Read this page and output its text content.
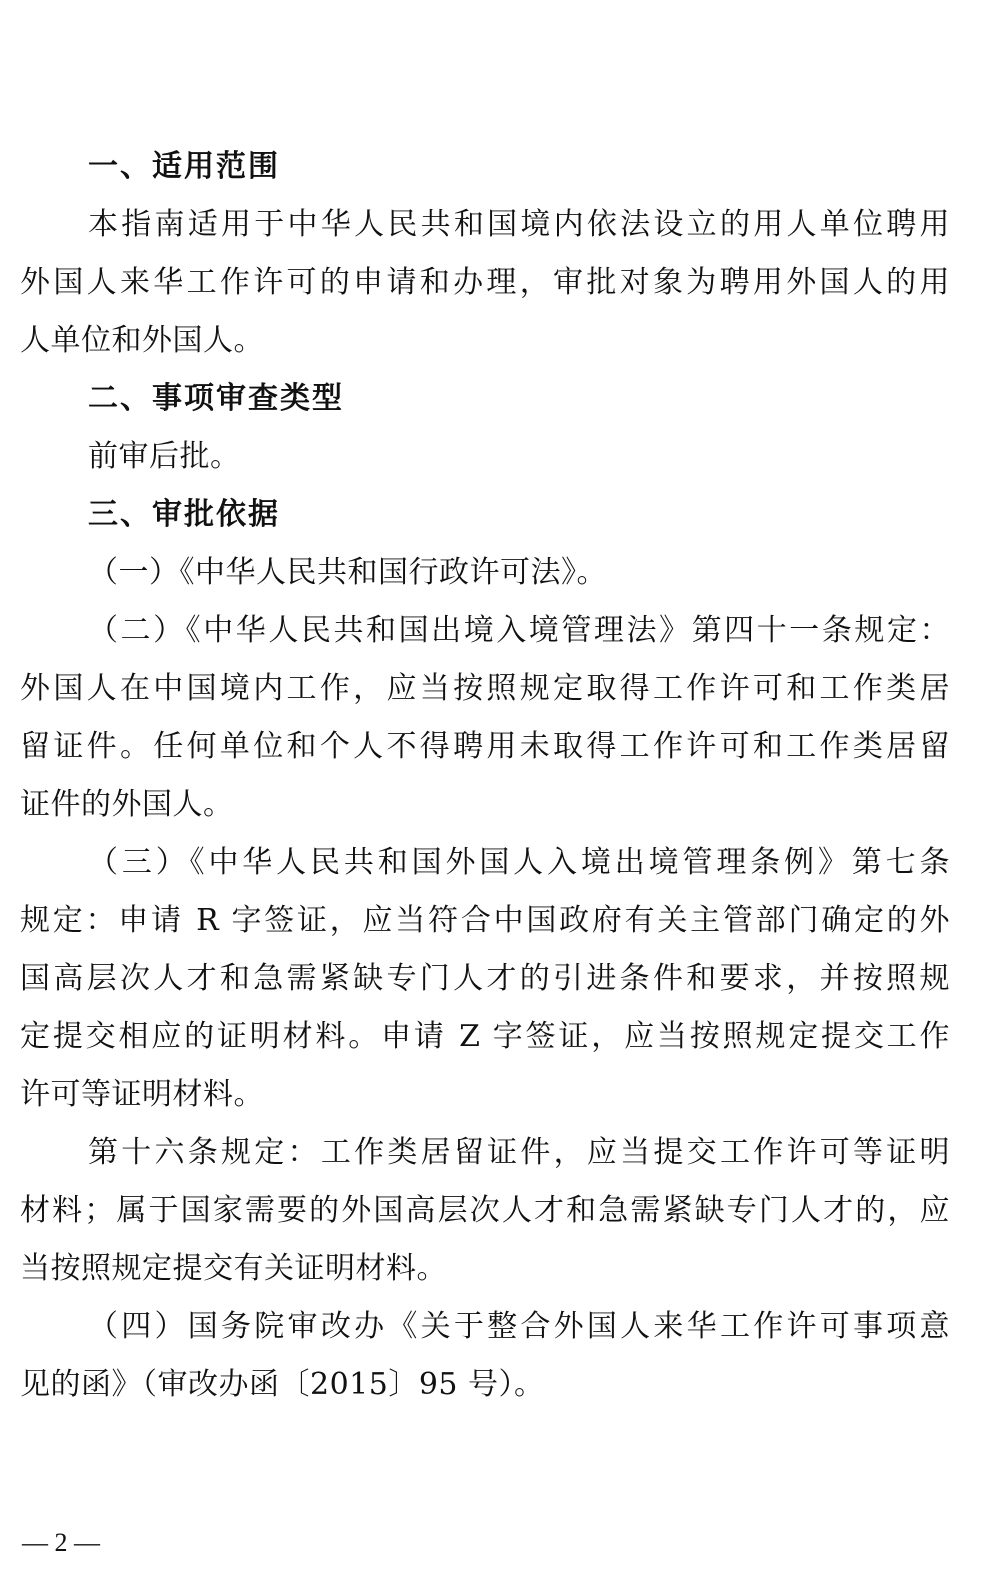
一、适用范围
本指南适用于中华人民共和国境内依法设立的用人单位聘用
外国人来华工作许可的申请和办理，审批对象为聘用外国人的用
人单位和外国人。
二、事项审查类型
前审后批。
三、审批依据
（一）《中华人民共和国行政许可法》。
（二）《中华人民共和国出境入境管理法》第四十一条规定：
外国人在中国境内工作，应当按照规定取得工作许可和工作类居
留证件。任何单位和个人不得聘用未取得工作许可和工作类居留
证件的外国人。
（三）《中华人民共和国外国人入境出境管理条例》第七条
规定：申请 R 字签证，应当符合中国政府有关主管部门确定的外
国高层次人才和急需紧缺专门人才的引进条件和要求，并按照规
定提交相应的证明材料。申请 Z 字签证，应当按照规定提交工作
许可等证明材料。
第十六条规定：工作类居留证件，应当提交工作许可等证明
材料；属于国家需要的外国高层次人才和急需紧缺专门人才的，应
当按照规定提交有关证明材料。
（四）国务院审改办《关于整合外国人来华工作许可事项意
见的函》（审改办函〔2015〕95 号）。
— 2 —
